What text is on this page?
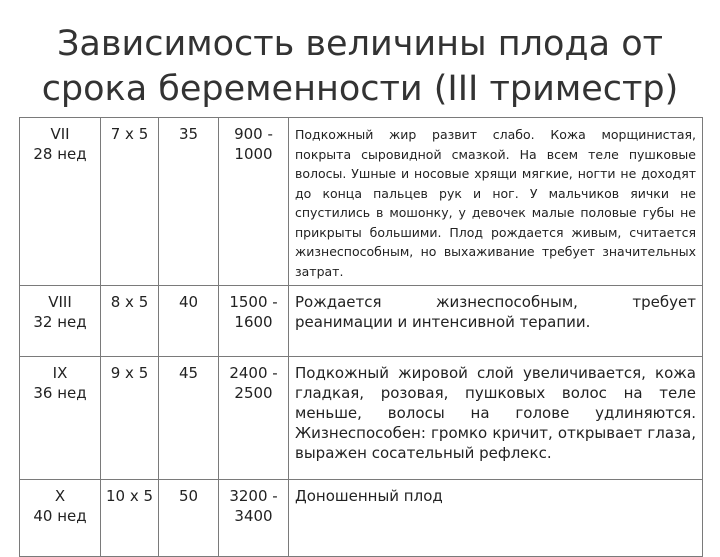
Зависимость величины плода от срока беременности (III триместр)
VII
28 нед	7 x 5	35	900 - 1000	Подкожный жир развит слабо. Кожа морщинистая, покрыта сыровидной смазкой. На всем теле пушковые волосы. Ушные и носовые хрящи мягкие, ногти не доходят до конца пальцев рук и ног. У мальчиков яички не спустились в мошонку, у девочек малые половые губы не прикрыты большими. Плод рождается живым, считается жизнеспособным, но выхаживание требует значительных затрат.

VIII
32 нед	8 x 5	40	1500 - 1600	Рождается жизнеспособным, требует реанимации и интенсивной терапии.

IX
36 нед	9 x 5	45	2400 - 2500	Подкожный жировой слой увеличивается, кожа гладкая, розовая, пушковых волос на теле меньше, волосы на голове удлиняются. Жизнеспособен: громко кричит, открывает глаза, выражен сосательный рефлекс.

X
40 нед	10 x 5	50	3200 - 3400	Доношенный плод
